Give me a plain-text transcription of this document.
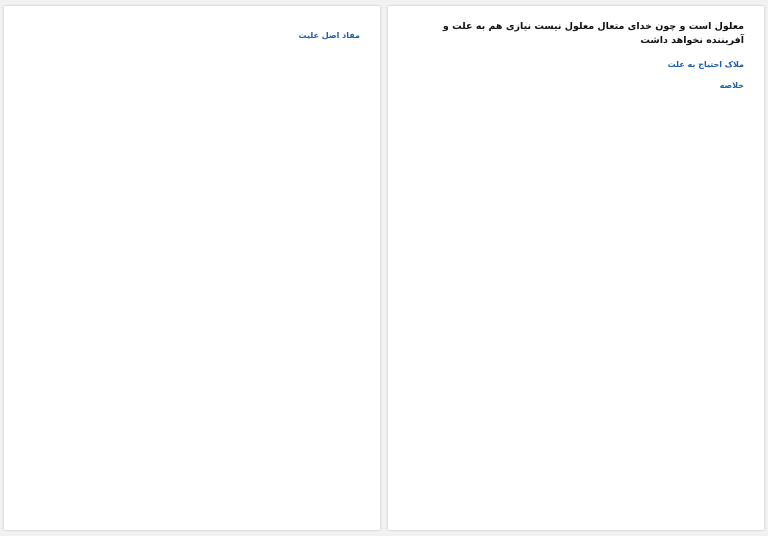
مفاد اصل علیت

معلول است و چون خدای متعال معلول نیست نیازی هم به علت و آفریننده نخواهد داشت
ملاک احتیاج به علت

خلاصه
